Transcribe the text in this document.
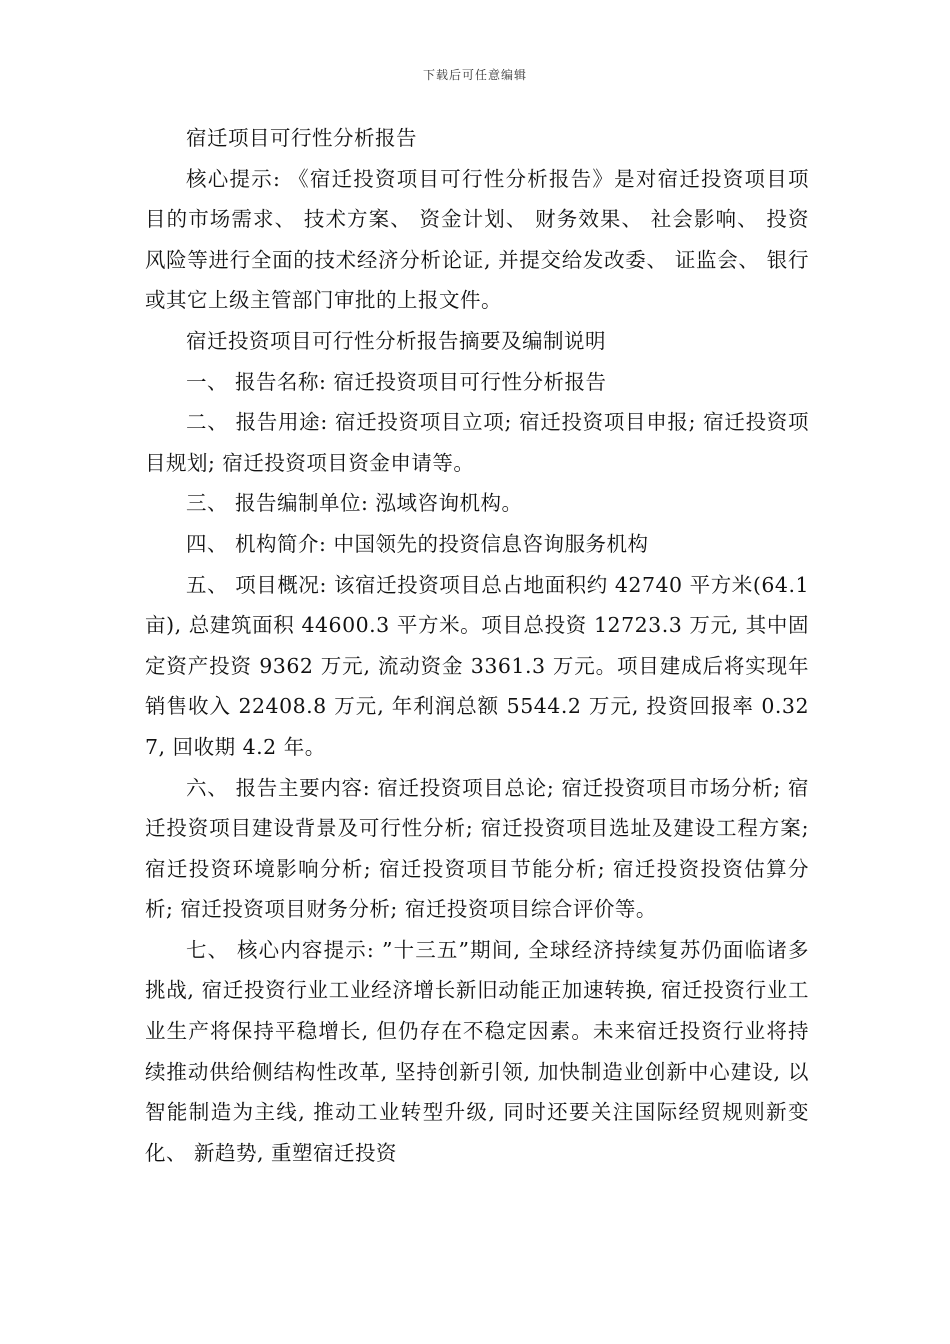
下载后可任意编辑

宿迁项目可行性分析报告

核心提示: 《宿迁投资项目可行性分析报告》是对宿迁投资项目项目的市场需求、 技术方案、 资金计划、 财务效果、 社会影响、 投资风险等进行全面的技术经济分析论证, 并提交给发改委、 证监会、 银行或其它上级主管部门审批的上报文件。

宿迁投资项目可行性分析报告摘要及编制说明

一、 报告名称: 宿迁投资项目可行性分析报告

二、 报告用途: 宿迁投资项目立项; 宿迁投资项目申报; 宿迁投资项目规划; 宿迁投资项目资金申请等。

三、 报告编制单位: 泓域咨询机构。

四、 机构简介: 中国领先的投资信息咨询服务机构

五、 项目概况: 该宿迁投资项目总占地面积约 42740 平方米(64.1 亩), 总建筑面积 44600.3 平方米。项目总投资 12723.3 万元, 其中固定资产投资 9362 万元, 流动资金 3361.3 万元。项目建成后将实现年销售收入 22408.8 万元, 年利润总额 5544.2 万元, 投资回报率 0.327, 回收期 4.2 年。

六、 报告主要内容: 宿迁投资项目总论; 宿迁投资项目市场分析; 宿迁投资项目建设背景及可行性分析; 宿迁投资项目选址及建设工程方案; 宿迁投资环境影响分析; 宿迁投资项目节能分析; 宿迁投资投资估算分析; 宿迁投资项目财务分析; 宿迁投资项目综合评价等。

七、 核心内容提示: ”十三五”期间, 全球经济持续复苏仍面临诸多挑战, 宿迁投资行业工业经济增长新旧动能正加速转换, 宿迁投资行业工业生产将保持平稳增长, 但仍存在不稳定因素。未来宿迁投资行业将持续推动供给侧结构性改革, 坚持创新引领, 加快制造业创新中心建设, 以智能制造为主线, 推动工业转型升级, 同时还要关注国际经贸规则新变化、 新趋势, 重塑宿迁投资
